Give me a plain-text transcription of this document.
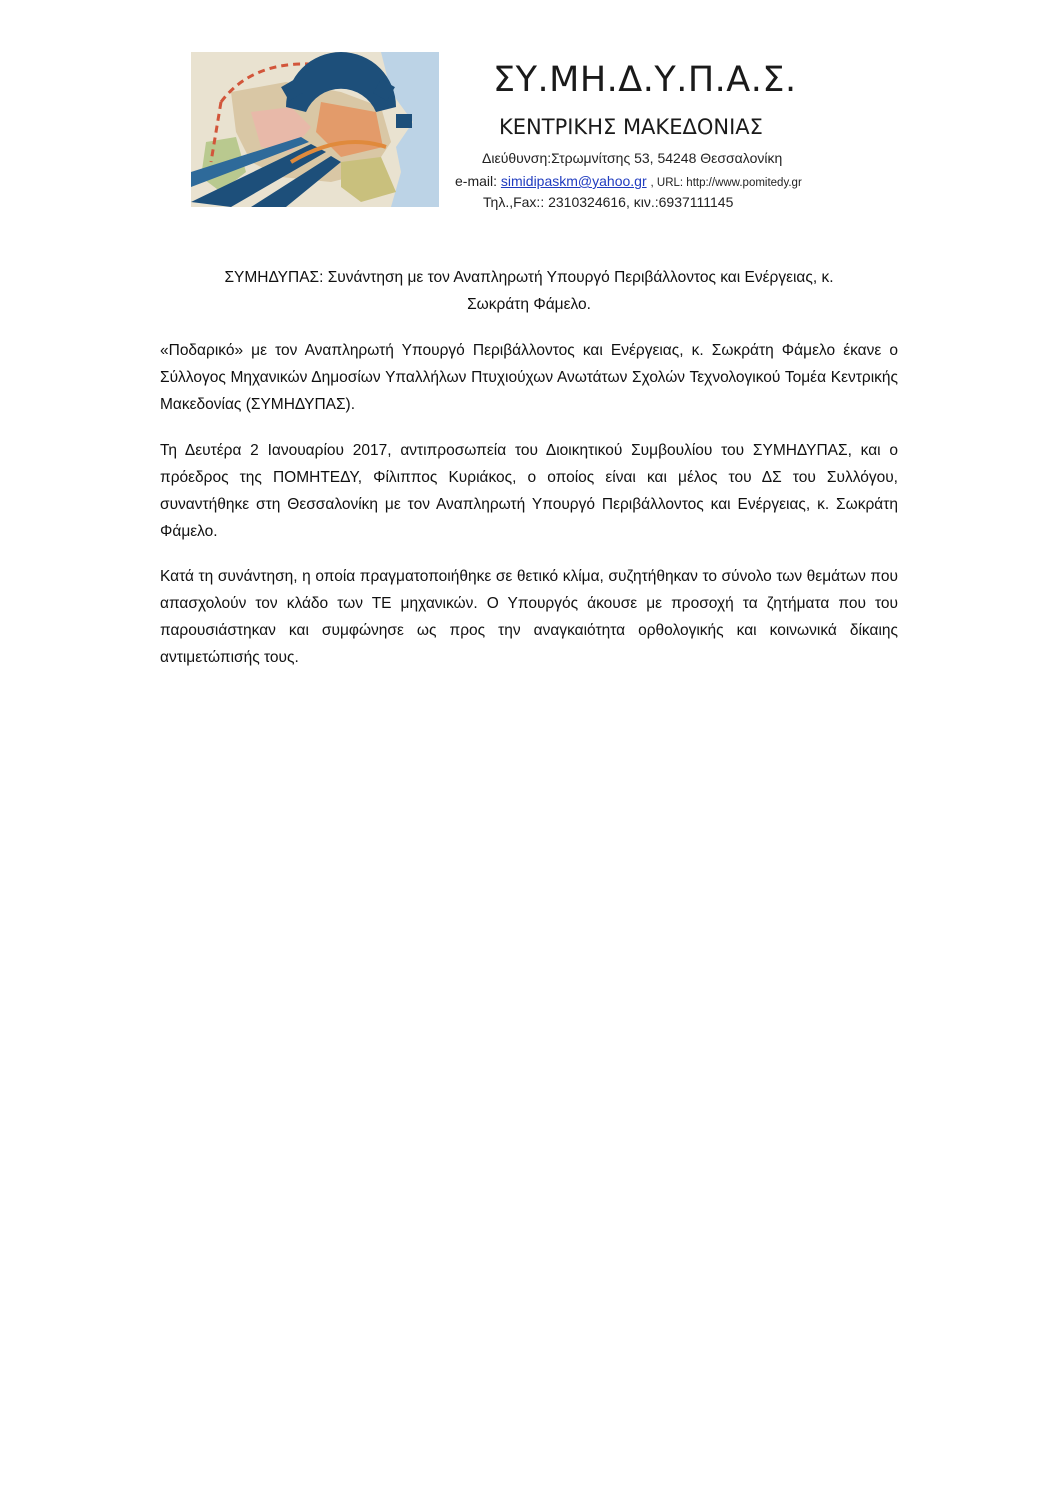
ΣΥ.ΜΗ.Δ.Υ.Π.Α.Σ.
ΚΕΝΤΡΙΚΗΣ ΜΑΚΕΔΟΝΙΑΣ
Διεύθυνση:Στρωμνίτσης 53, 54248 Θεσσαλονίκη
e-mail: simidipaskm@yahoo.gr , URL: http://www.pomitedy.gr
Τηλ.,Fax:: 2310324616, κιν.:6937111145
ΣΥΜΗΔΥΠΑΣ: Συνάντηση με τον Αναπληρωτή Υπουργό Περιβάλλοντος και Ενέργειας, κ.
Σωκράτη Φάμελο.

«Ποδαρικό» με τον Αναπληρωτή Υπουργό Περιβάλλοντος και Ενέργειας, κ. Σωκράτη Φάμελο έκανε ο Σύλλογος Μηχανικών Δημοσίων Υπαλλήλων Πτυχιούχων Ανωτάτων Σχολών Τεχνολογικού Τομέα Κεντρικής Μακεδονίας (ΣΥΜΗΔΥΠΑΣ).

Τη Δευτέρα 2 Ιανουαρίου 2017, αντιπροσωπεία του Διοικητικού Συμβουλίου του ΣΥΜΗΔΥΠΑΣ, και ο πρόεδρος της ΠΟΜΗΤΕΔΥ, Φίλιππος Κυριάκος, ο οποίος είναι και μέλος του ΔΣ του Συλλόγου, συναντήθηκε στη Θεσσαλονίκη με τον Αναπληρωτή Υπουργό Περιβάλλοντος και Ενέργειας, κ. Σωκράτη Φάμελο.

Κατά τη συνάντηση, η οποία πραγματοποιήθηκε σε θετικό κλίμα, συζητήθηκαν το σύνολο των θεμάτων που απασχολούν τον κλάδο των ΤΕ μηχανικών. Ο Υπουργός άκουσε με προσοχή τα ζητήματα που του παρουσιάστηκαν και συμφώνησε ως προς την αναγκαιότητα ορθολογικής και κοινωνικά δίκαιης αντιμετώπισής τους.
